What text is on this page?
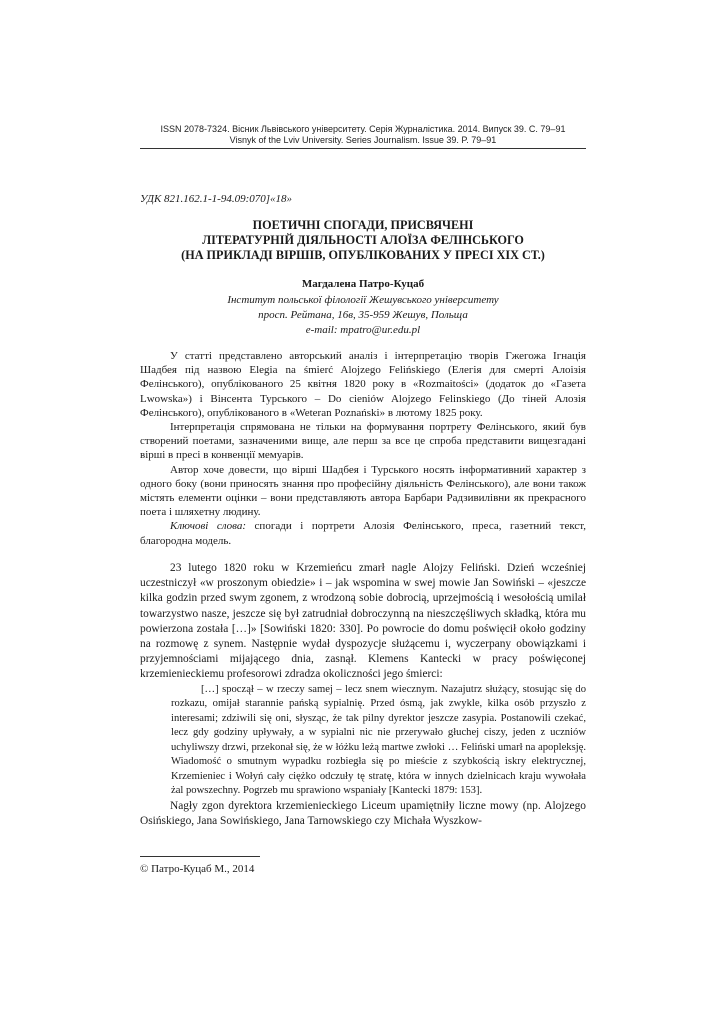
ISSN 2078-7324. Вісник Львівського університету. Серія Журналістика. 2014. Випуск 39. С. 79–91
Visnyk of the Lviv University. Series Journalism. Issue 39. P. 79–91
УДК 821.162.1-1-94.09:070]«18»
ПОЕТИЧНІ СПОГАДИ, ПРИСВЯЧЕНІ
ЛІТЕРАТУРНІЙ ДІЯЛЬНОСТІ АЛОЇЗА ФЕЛІНСЬКОГО
(НА ПРИКЛАДІ ВІРШІВ, ОПУБЛІКОВАНИХ У ПРЕСІ XIX СТ.)
Магдалена Патро-Куцаб
Інститут польської філології Жешувського університету
просп. Рейтана, 16в, 35-959 Жешув, Польща
e-mail: mpatro@ur.edu.pl

У статті представлено авторський аналіз і інтерпретацію творів Гжегожа Ігнація Шадбея під назвою Elegia na śmierć Alojzego Felińskiego (Елегія для смерті Алоізія Фелінського), опублікованого 25 квітня 1820 року в «Rozmaitości» (додаток до «Газета Lwowska») і Вінсента Турського – Do cieniów Alojzego Felinskiego (До тіней Алозія Фелінського), опублікованого в «Weteran Poznański» в лютому 1825 року.

Інтерпретація спрямована не тільки на формування портрету Фелінського, який був створений поетами, зазначеними вище, але перш за все це спроба представити вищезгадані вірші в пресі в конвенції мемуарів.

Автор хоче довести, що вірші Шадбея і Турського носять інформативний характер з одного боку (вони приносять знання про професійну діяльність Фелінського), але вони також містять елементи оцінки – вони представляють автора Барбари Радзивилівни як прекрасного поета і шляхетну людину.

Ключові слова: спогади і портрети Алозія Фелінського, преса, газетний текст, благородна модель.

23 lutego 1820 roku w Krzemieńcu zmarł nagle Alojzy Feliński. Dzień wcześniej uczestniczył «w proszonym obiedzie» i – jak wspomina w swej mowie Jan Sowiński – «jeszcze kilka godzin przed swym zgonem, z wrodzoną sobie dobrocią, uprzejmością i wesołością umilał towarzystwo nasze, jeszcze się był zatrudniał dobroczynną na nieszczęśliwych składką, która mu powierzona została […]» [Sowiński 1820: 330]. Po powrocie do domu poświęcił około godziny na rozmowę z synem. Następnie wydał dyspozycje służącemu i, wyczerpany obowiązkami i przyjemnościami mijającego dnia, zasnął. Klemens Kantecki w pracy poświęconej krzemienieckiemu profesorowi zdradza okoliczności jego śmierci:

[…] spoczął – w rzeczy samej – lecz snem wiecznym. Nazajutrz służący, stosując się do rozkazu, omijał starannie pańską sypialnię. Przed ósmą, jak zwykle, kilka osób przyszło z interesami; zdziwili się oni, słysząc, że tak pilny dyrektor jeszcze zasypia. Postanowili czekać, lecz gdy godziny upływały, a w sypialni nic nie przerywało głuchej ciszy, jeden z uczniów uchyliwszy drzwi, przekonał się, że w łóżku leżą martwe zwłoki … Feliński umarł na apopleksję. Wiadomość o smutnym wypadku rozbiegła się po mieście z szybkością iskry elektrycznej, Krzemieniec i Wołyń cały ciężko odczuły tę stratę, która w innych dzielnicach kraju wywołała żal powszechny. Pogrzeb mu sprawiono wspaniały [Kantecki 1879: 153].

Nagły zgon dyrektora krzemienieckiego Liceum upamiętniły liczne mowy (np. Alojzego Osińskiego, Jana Sowińskiego, Jana Tarnowskiego czy Michała Wyszkow-

© Патро-Куцаб М., 2014
